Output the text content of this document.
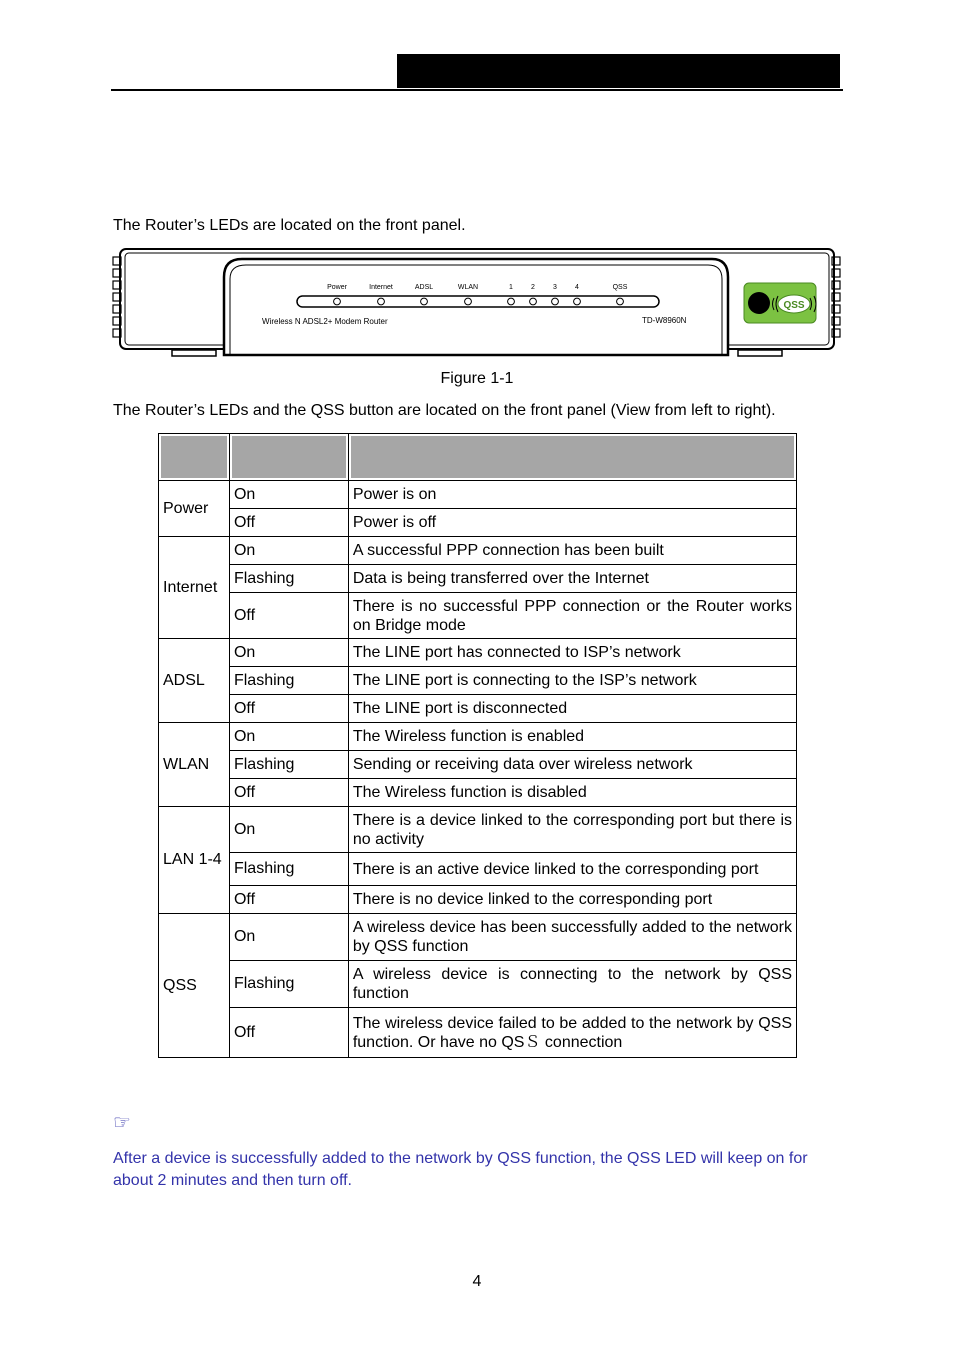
The Router’s LEDs are located on the front panel.
Power	Internet	ADSL	WLAN	1	2	3	4	QSS
Wireless N ADSL2+ Modem Router	TD-W8960N
QSS
Figure 1-1
The Router’s LEDs and the QSS button are located on the front panel (View from left to right).

Power	On	Power is on
	Off	Power is off
Internet	On	A successful PPP connection has been built
	Flashing	Data is being transferred over the Internet
	Off	There is no successful PPP connection or the Router works on Bridge mode
ADSL	On	The LINE port has connected to ISP’s network
	Flashing	The LINE port is connecting to the ISP’s network
	Off	The LINE port is disconnected
WLAN	On	The Wireless function is enabled
	Flashing	Sending or receiving data over wireless network
	Off	The Wireless function is disabled
LAN 1-4	On	There is a device linked to the corresponding port but there is no activity
	Flashing	There is an active device linked to the corresponding port
	Off	There is no device linked to the corresponding port
QSS	On	A wireless device has been successfully added to the network by QSS function
	Flashing	A wireless device is connecting to the network by QSS function
	Off	The wireless device failed to be added to the network by QSS function. Or have no QSＳ connection
☞
After a device is successfully added to the network by QSS function, the QSS LED will keep on for about 2 minutes and then turn off.
4
